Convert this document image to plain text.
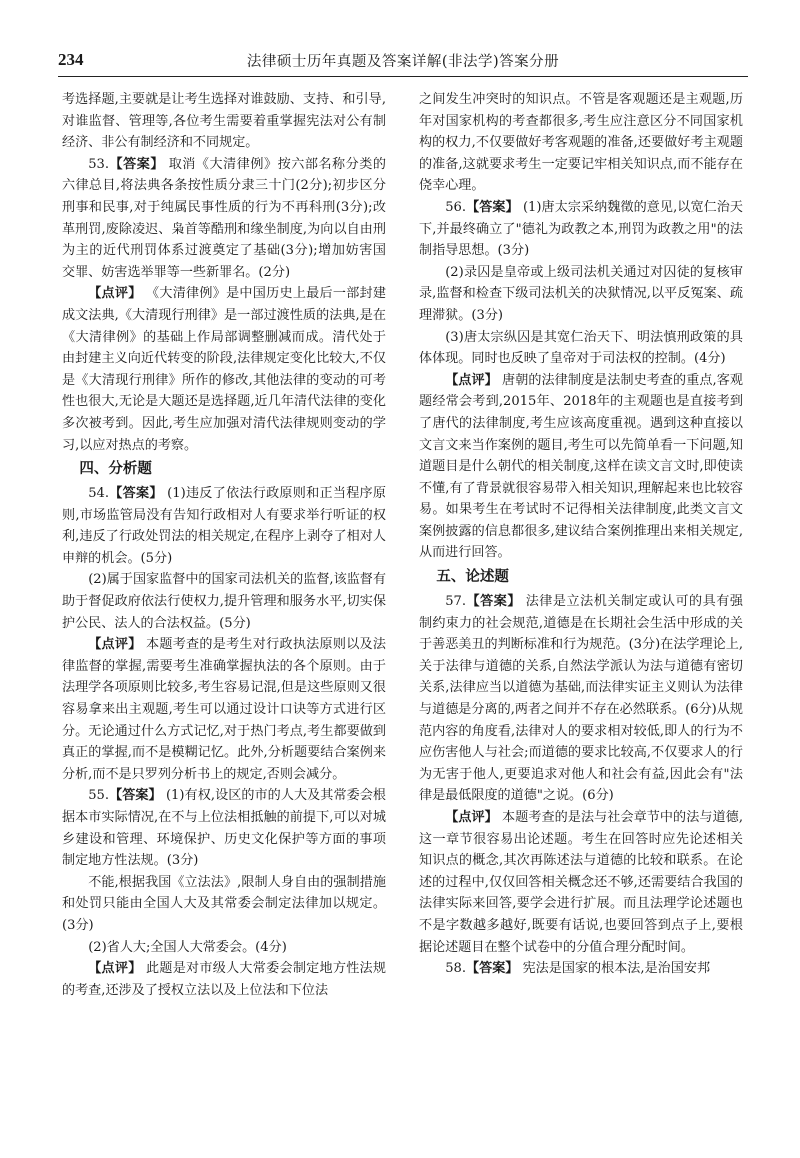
234	法律硕士历年真题及答案详解(非法学)答案分册

考选择题,主要就是让考生选择对谁鼓励、支持、和引导,对谁监督、管理等,各位考生需要着重掌握宪法对公有制经济、非公有制经济和不同规定。

53.【答案】 取消《大清律例》按六部名称分类的六律总目,将法典各条按性质分隶三十门(2分);初步区分刑事和民事,对于纯属民事性质的行为不再科刑(3分);改革刑罚,废除凌迟、枭首等酷刑和缘坐制度,为向以自由刑为主的近代刑罚体系过渡奠定了基础(3分);增加妨害国交罪、妨害选举罪等一些新罪名。(2分)

【点评】 《大清律例》是中国历史上最后一部封建成文法典,《大清现行刑律》是一部过渡性质的法典,是在《大清律例》的基础上作局部调整删减而成。清代处于由封建主义向近代转变的阶段,法律规定变化比较大,不仅是《大清现行刑律》所作的修改,其他法律的变动的可考性也很大,无论是大题还是选择题,近几年清代法律的变化多次被考到。因此,考生应加强对清代法律规则变动的学习,以应对热点的考察。

四、分析题

54.【答案】 (1)违反了依法行政原则和正当程序原则,市场监管局没有告知行政相对人有要求举行听证的权利,违反了行政处罚法的相关规定,在程序上剥夺了相对人申辩的机会。(5分)

(2)属于国家监督中的国家司法机关的监督,该监督有助于督促政府依法行使权力,提升管理和服务水平,切实保护公民、法人的合法权益。(5分)

【点评】 本题考查的是考生对行政执法原则以及法律监督的掌握,需要考生准确掌握执法的各个原则。由于法理学各项原则比较多,考生容易记混,但是这些原则又很容易拿来出主观题,考生可以通过设计口诀等方式进行区分。无论通过什么方式记忆,对于热门考点,考生都要做到真正的掌握,而不是模糊记忆。此外,分析题要结合案例来分析,而不是只罗列分析书上的规定,否则会减分。

55.【答案】 (1)有权,设区的市的人大及其常委会根据本市实际情况,在不与上位法相抵触的前提下,可以对城乡建设和管理、环境保护、历史文化保护等方面的事项制定地方性法规。(3分)

不能,根据我国《立法法》,限制人身自由的强制措施和处罚只能由全国人大及其常委会制定法律加以规定。(3分)

(2)省人大;全国人大常委会。(4分)

【点评】 此题是对市级人大常委会制定地方性法规的考查,还涉及了授权立法以及上位法和下位法

之间发生冲突时的知识点。不管是客观题还是主观题,历年对国家机构的考查都很多,考生应注意区分不同国家机构的权力,不仅要做好考客观题的准备,还要做好考主观题的准备,这就要求考生一定要记牢相关知识点,而不能存在侥幸心理。

56.【答案】 (1)唐太宗采纳魏徵的意见,以宽仁治天下,并最终确立了"德礼为政教之本,刑罚为政教之用"的法制指导思想。(3分)

(2)录囚是皇帝或上级司法机关通过对囚徒的复核审录,监督和检查下级司法机关的决狱情况,以平反冤案、疏理滞狱。(3分)

(3)唐太宗纵囚是其宽仁治天下、明法慎刑政策的具体体现。同时也反映了皇帝对于司法权的控制。(4分)

【点评】 唐朝的法律制度是法制史考查的重点,客观题经常会考到,2015年、2018年的主观题也是直接考到了唐代的法律制度,考生应该高度重视。遇到这种直接以文言文来当作案例的题目,考生可以先简单看一下问题,知道题目是什么朝代的相关制度,这样在读文言文时,即使读不懂,有了背景就很容易带入相关知识,理解起来也比较容易。如果考生在考试时不记得相关法律制度,此类文言文案例披露的信息都很多,建议结合案例推理出来相关规定,从而进行回答。

五、论述题

57.【答案】 法律是立法机关制定或认可的具有强制约束力的社会规范,道德是在长期社会生活中形成的关于善恶美丑的判断标准和行为规范。(3分)在法学理论上,关于法律与道德的关系,自然法学派认为法与道德有密切关系,法律应当以道德为基础,而法律实证主义则认为法律与道德是分离的,两者之间并不存在必然联系。(6分)从规范内容的角度看,法律对人的要求相对较低,即人的行为不应伤害他人与社会;而道德的要求比较高,不仅要求人的行为无害于他人,更要追求对他人和社会有益,因此会有"法律是最低限度的道德"之说。(6分)

【点评】 本题考查的是法与社会章节中的法与道德,这一章节很容易出论述题。考生在回答时应先论述相关知识点的概念,其次再陈述法与道德的比较和联系。在论述的过程中,仅仅回答相关概念还不够,还需要结合我国的法律实际来回答,要学会进行扩展。而且法理学论述题也不是字数越多越好,既要有话说,也要回答到点子上,要根据论述题目在整个试卷中的分值合理分配时间。

58.【答案】 宪法是国家的根本法,是治国安邦
